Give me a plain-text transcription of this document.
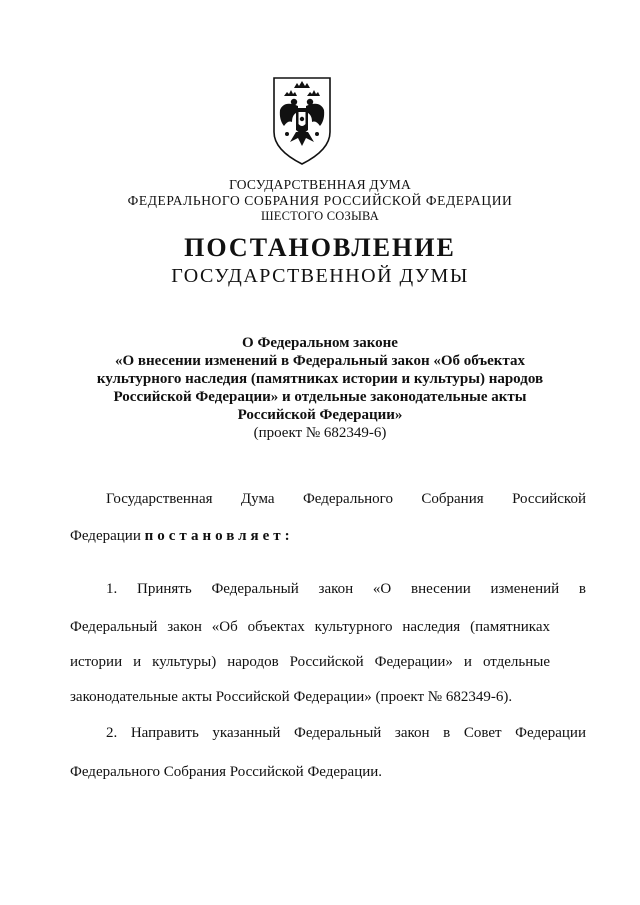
ГОСУДАРСТВЕННАЯ ДУМА
ФЕДЕРАЛЬНОГО СОБРАНИЯ РОССИЙСКОЙ ФЕДЕРАЦИИ
ШЕСТОГО СОЗЫВА
ПОСТАНОВЛЕНИЕ
ГОСУДАРСТВЕННОЙ ДУМЫ
О Федеральном законе
«О внесении изменений в Федеральный закон «Об объектах
культурного наследия (памятниках истории и культуры) народов
Российской Федерации» и отдельные законодательные акты
Российской Федерации»
(проект № 682349-6)
Государственная Дума Федерального Собрания Российской
Федерации постановляет:
1. Принять Федеральный закон «О внесении изменений в
Федеральный закон «Об объектах культурного наследия (памятниках
истории и культуры) народов Российской Федерации» и отдельные
законодательные акты Российской Федерации» (проект № 682349-6).
2. Направить указанный Федеральный закон в Совет Федерации
Федерального Собрания Российской Федерации.
